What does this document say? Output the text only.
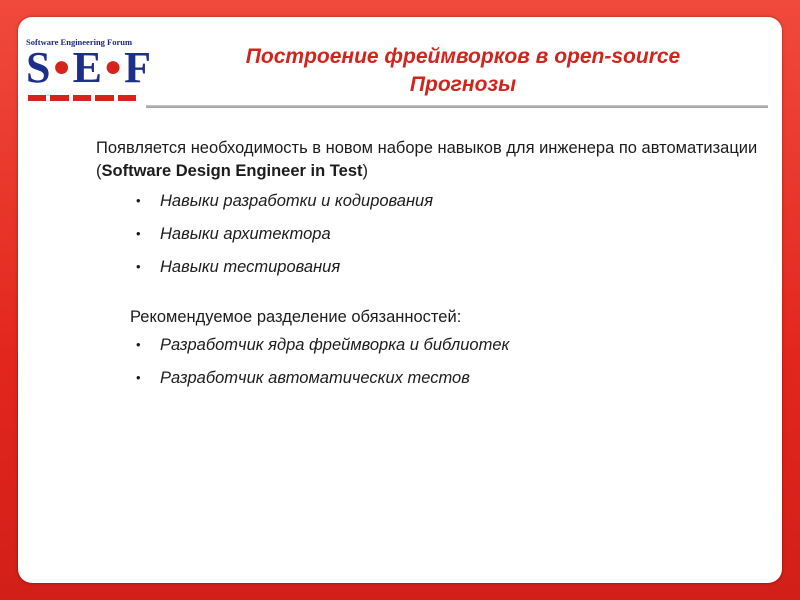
Software Engineering Forum
S●E●F	Построение фреймворков в open-source
Прогнозы

Появляется необходимость в новом наборе навыков для инженера по автоматизации (Software Design Engineer in Test)

• Навыки разработки и кодирования
• Навыки архитектора
• Навыки тестирования
Рекомендуемое разделение обязанностей:
• Разработчик ядра фреймворка и библиотек
• Разработчик автоматических тестов
